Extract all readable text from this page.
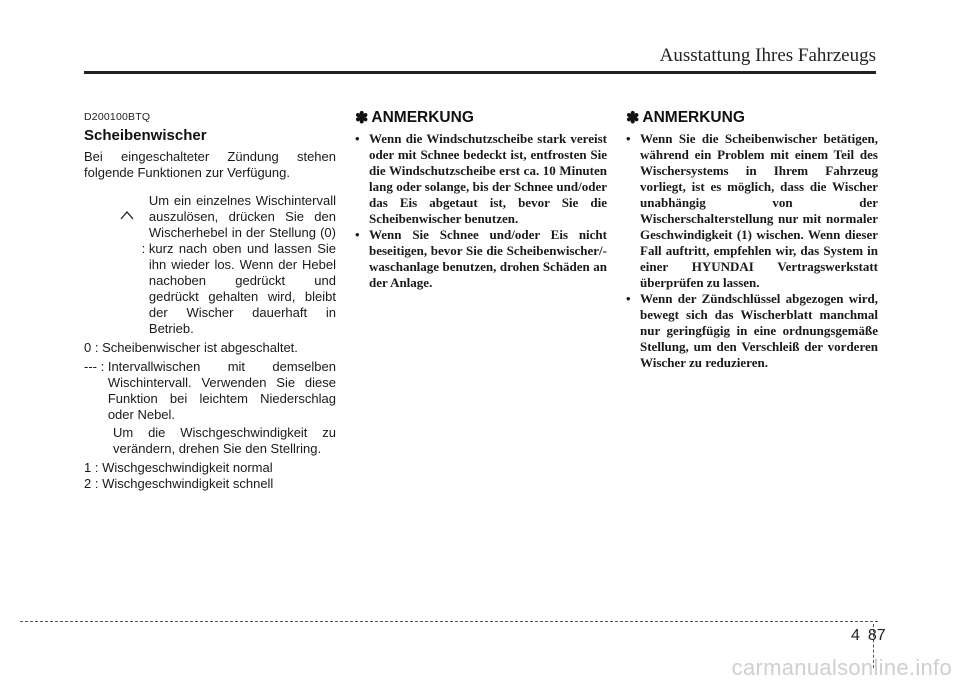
Ausstattung Ihres Fahrzeugs
D200100BTQ
Scheibenwischer
Bei eingeschalteter Zündung stehen folgende Funktionen zur Verfügung.

:

Um ein einzelnes Wischintervall auszulösen, drücken Sie den Wischerhebel in der Stellung (0) kurz nach oben und lassen Sie ihn wieder los. Wenn der Hebel nachoben gedrückt und gedrückt gehalten wird, bleibt der Wischer dauerhaft in Betrieb.
0 : Scheibenwischer ist abgeschaltet.
--- : Intervallwischen mit demselben Wischintervall. Verwenden Sie diese Funktion bei leichtem Niederschlag oder Nebel.
Um die Wischgeschwindigkeit zu verändern, drehen Sie den Stellring.
1 : Wischgeschwindigkeit normal
2 : Wischgeschwindigkeit schnell
✽ ANMERKUNG
• Wenn die Windschutzscheibe stark vereist oder mit Schnee bedeckt ist, entfrosten Sie die Windschutzscheibe erst ca. 10 Minuten lang oder solange, bis der Schnee und/oder das Eis abgetaut ist, bevor Sie die Scheibenwischer benutzen.
• Wenn Sie Schnee und/oder Eis nicht beseitigen, bevor Sie die Scheibenwischer/-waschanlage benutzen, drohen Schäden an der Anlage.
✽ ANMERKUNG
• Wenn Sie die Scheibenwischer betätigen, während ein Problem mit einem Teil des Wischersystems in Ihrem Fahrzeug vorliegt, ist es möglich, dass die Wischer unabhängig von der Wischerschalterstellung nur mit normaler Geschwindigkeit (1) wischen. Wenn dieser Fall auftritt, empfehlen wir, das System in einer HYUNDAI Vertragswerkstatt überprüfen zu lassen.
• Wenn der Zündschlüssel abgezogen wird, bewegt sich das Wischerblatt manchmal nur geringfügig in eine ordnungsgemäße Stellung, um den Verschleiß der vorderen Wischer zu reduzieren.
4 87
carmanualsonline.info
